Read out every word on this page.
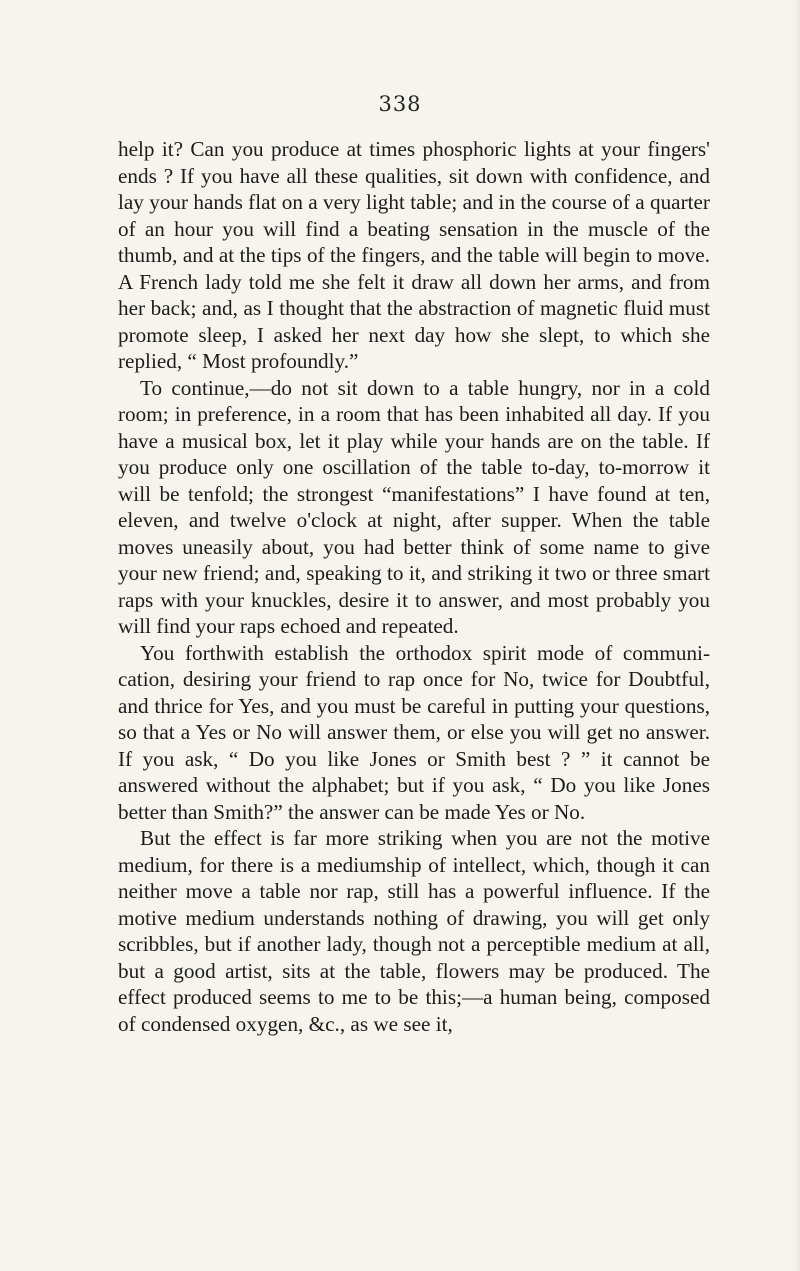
338

help it? Can you produce at times phosphoric lights at your fingers' ends ? If you have all these qualities, sit down with confidence, and lay your hands flat on a very light table; and in the course of a quarter of an hour you will find a beating sensation in the muscle of the thumb, and at the tips of the fingers, and the table will begin to move. A French lady told me she felt it draw all down her arms, and from her back; and, as I thought that the abstraction of magnetic fluid must promote sleep, I asked her next day how she slept, to which she replied, “ Most profoundly.”

To continue,—do not sit down to a table hungry, nor in a cold room; in preference, in a room that has been inhabited all day. If you have a musical box, let it play while your hands are on the table. If you produce only one oscillation of the table to-day, to-morrow it will be tenfold; the strongest “manifestations” I have found at ten, eleven, and twelve o'clock at night, after supper. When the table moves uneasily about, you had better think of some name to give your new friend; and, speaking to it, and striking it two or three smart raps with your knuckles, desire it to answer, and most probably you will find your raps echoed and repeated.

You forthwith establish the orthodox spirit mode of communication, desiring your friend to rap once for No, twice for Doubtful, and thrice for Yes, and you must be careful in putting your questions, so that a Yes or No will answer them, or else you will get no answer. If you ask, “ Do you like Jones or Smith best ? ” it cannot be answered without the alphabet; but if you ask, “ Do you like Jones better than Smith?” the answer can be made Yes or No.

But the effect is far more striking when you are not the motive medium, for there is a mediumship of intellect, which, though it can neither move a table nor rap, still has a powerful influence. If the motive medium understands nothing of drawing, you will get only scribbles, but if another lady, though not a perceptible medium at all, but a good artist, sits at the table, flowers may be produced. The effect produced seems to me to be this;—a human being, composed of condensed oxygen, &c., as we see it,
